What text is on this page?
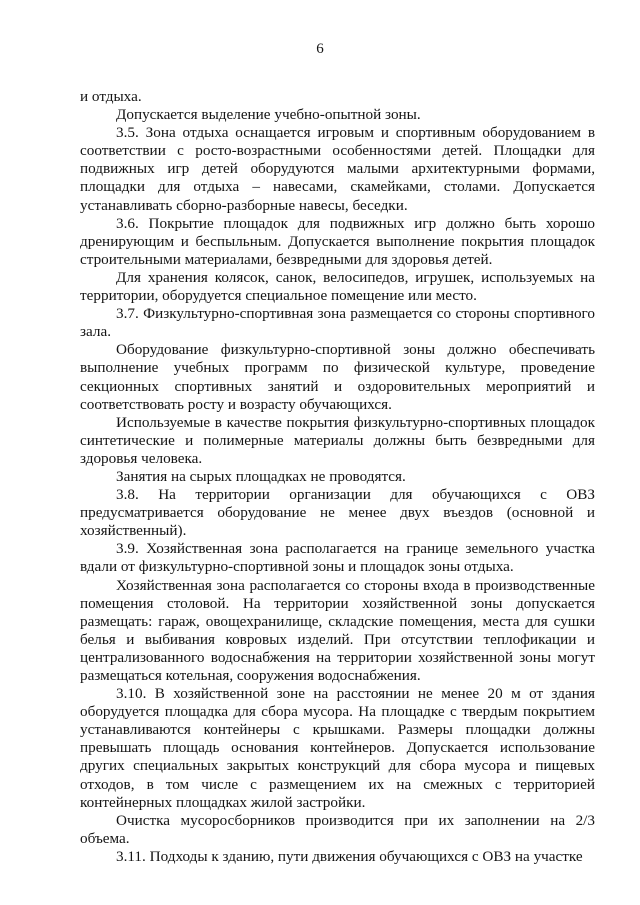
6

и отдыха.

Допускается выделение учебно-опытной зоны.

3.5. Зона отдыха оснащается игровым и спортивным оборудованием в соответствии с росто-возрастными особенностями детей. Площадки для подвижных игр детей оборудуются малыми архитектурными формами, площадки для отдыха – навесами, скамейками, столами. Допускается устанавливать сборно-разборные навесы, беседки.

3.6. Покрытие площадок для подвижных игр должно быть хорошо дренирующим и беспыльным. Допускается выполнение покрытия площадок строительными материалами, безвредными для здоровья детей.

Для хранения колясок, санок, велосипедов, игрушек, используемых на территории, оборудуется специальное помещение или место.

3.7. Физкультурно-спортивная зона размещается со стороны спортивного зала.

Оборудование физкультурно-спортивной зоны должно обеспечивать выполнение учебных программ по физической культуре, проведение секционных спортивных занятий и оздоровительных мероприятий и соответствовать росту и возрасту обучающихся.

Используемые в качестве покрытия физкультурно-спортивных площадок синтетические и полимерные материалы должны быть безвредными для здоровья человека.

Занятия на сырых площадках не проводятся.

3.8. На территории организации для обучающихся с ОВЗ предусматривается оборудование не менее двух въездов (основной и хозяйственный).

3.9. Хозяйственная зона располагается на границе земельного участка вдали от физкультурно-спортивной зоны и площадок зоны отдыха.

Хозяйственная зона располагается со стороны входа в производственные помещения столовой. На территории хозяйственной зоны допускается размещать: гараж, овощехранилище, складские помещения, места для сушки белья и выбивания ковровых изделий. При отсутствии теплофикации и централизованного водоснабжения на территории хозяйственной зоны могут размещаться котельная, сооружения водоснабжения.

3.10. В хозяйственной зоне на расстоянии не менее 20 м от здания оборудуется площадка для сбора мусора. На площадке с твердым покрытием устанавливаются контейнеры с крышками. Размеры площадки должны превышать площадь основания контейнеров. Допускается использование других специальных закрытых конструкций для сбора мусора и пищевых отходов, в том числе с размещением их на смежных с территорией контейнерных площадках жилой застройки.

Очистка мусоросборников производится при их заполнении на 2/3 объема.

3.11. Подходы к зданию, пути движения обучающихся с ОВЗ на участке
